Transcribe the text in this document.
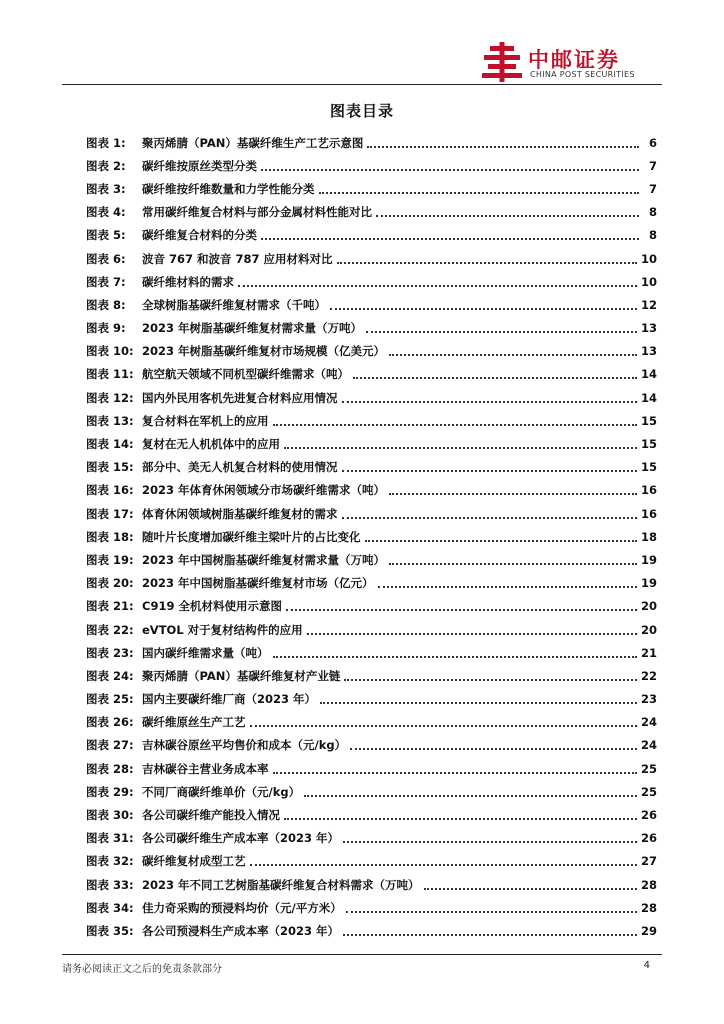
中邮证券
CHINA POST SECURITIES
图表目录
图表 1:	聚丙烯腈（PAN）基碳纤维生产工艺示意图	6
图表 2:	碳纤维按原丝类型分类	7
图表 3:	碳纤维按纤维数量和力学性能分类	7
图表 4:	常用碳纤维复合材料与部分金属材料性能对比	8
图表 5:	碳纤维复合材料的分类	8
图表 6:	波音 767 和波音 787 应用材料对比	10
图表 7:	碳纤维材料的需求	10
图表 8:	全球树脂基碳纤维复材需求（千吨）	12
图表 9:	2023 年树脂基碳纤维复材需求量（万吨）	13
图表 10: 2023 年树脂基碳纤维复材市场规模（亿美元）	13
图表 11: 航空航天领域不同机型碳纤维需求（吨）	14
图表 12: 国内外民用客机先进复合材料应用情况	14
图表 13: 复合材料在军机上的应用	15
图表 14: 复材在无人机机体中的应用	15
图表 15: 部分中、美无人机复合材料的使用情况	15
图表 16: 2023 年体育休闲领域分市场碳纤维需求（吨）	16
图表 17: 体育休闲领域树脂基碳纤维复材的需求	16
图表 18: 随叶片长度增加碳纤维主梁叶片的占比变化	18
图表 19: 2023 年中国树脂基碳纤维复材需求量（万吨）	19
图表 20: 2023 年中国树脂基碳纤维复材市场（亿元）	19
图表 21: C919 全机材料使用示意图	20
图表 22: eVTOL 对于复材结构件的应用	20
图表 23: 国内碳纤维需求量（吨）	21
图表 24: 聚丙烯腈（PAN）基碳纤维复材产业链	22
图表 25: 国内主要碳纤维厂商（2023 年）	23
图表 26: 碳纤维原丝生产工艺	24
图表 27: 吉林碳谷原丝平均售价和成本（元/kg）	24
图表 28: 吉林碳谷主营业务成本率	25
图表 29: 不同厂商碳纤维单价（元/kg）	25
图表 30: 各公司碳纤维产能投入情况	26
图表 31: 各公司碳纤维生产成本率（2023 年）	26
图表 32: 碳纤维复材成型工艺	27
图表 33: 2023 年不同工艺树脂基碳纤维复合材料需求（万吨）	28
图表 34: 佳力奇采购的预浸料均价（元/平方米）	28
图表 35: 各公司预浸料生产成本率（2023 年）	29
请务必阅读正文之后的免责条款部分	4
